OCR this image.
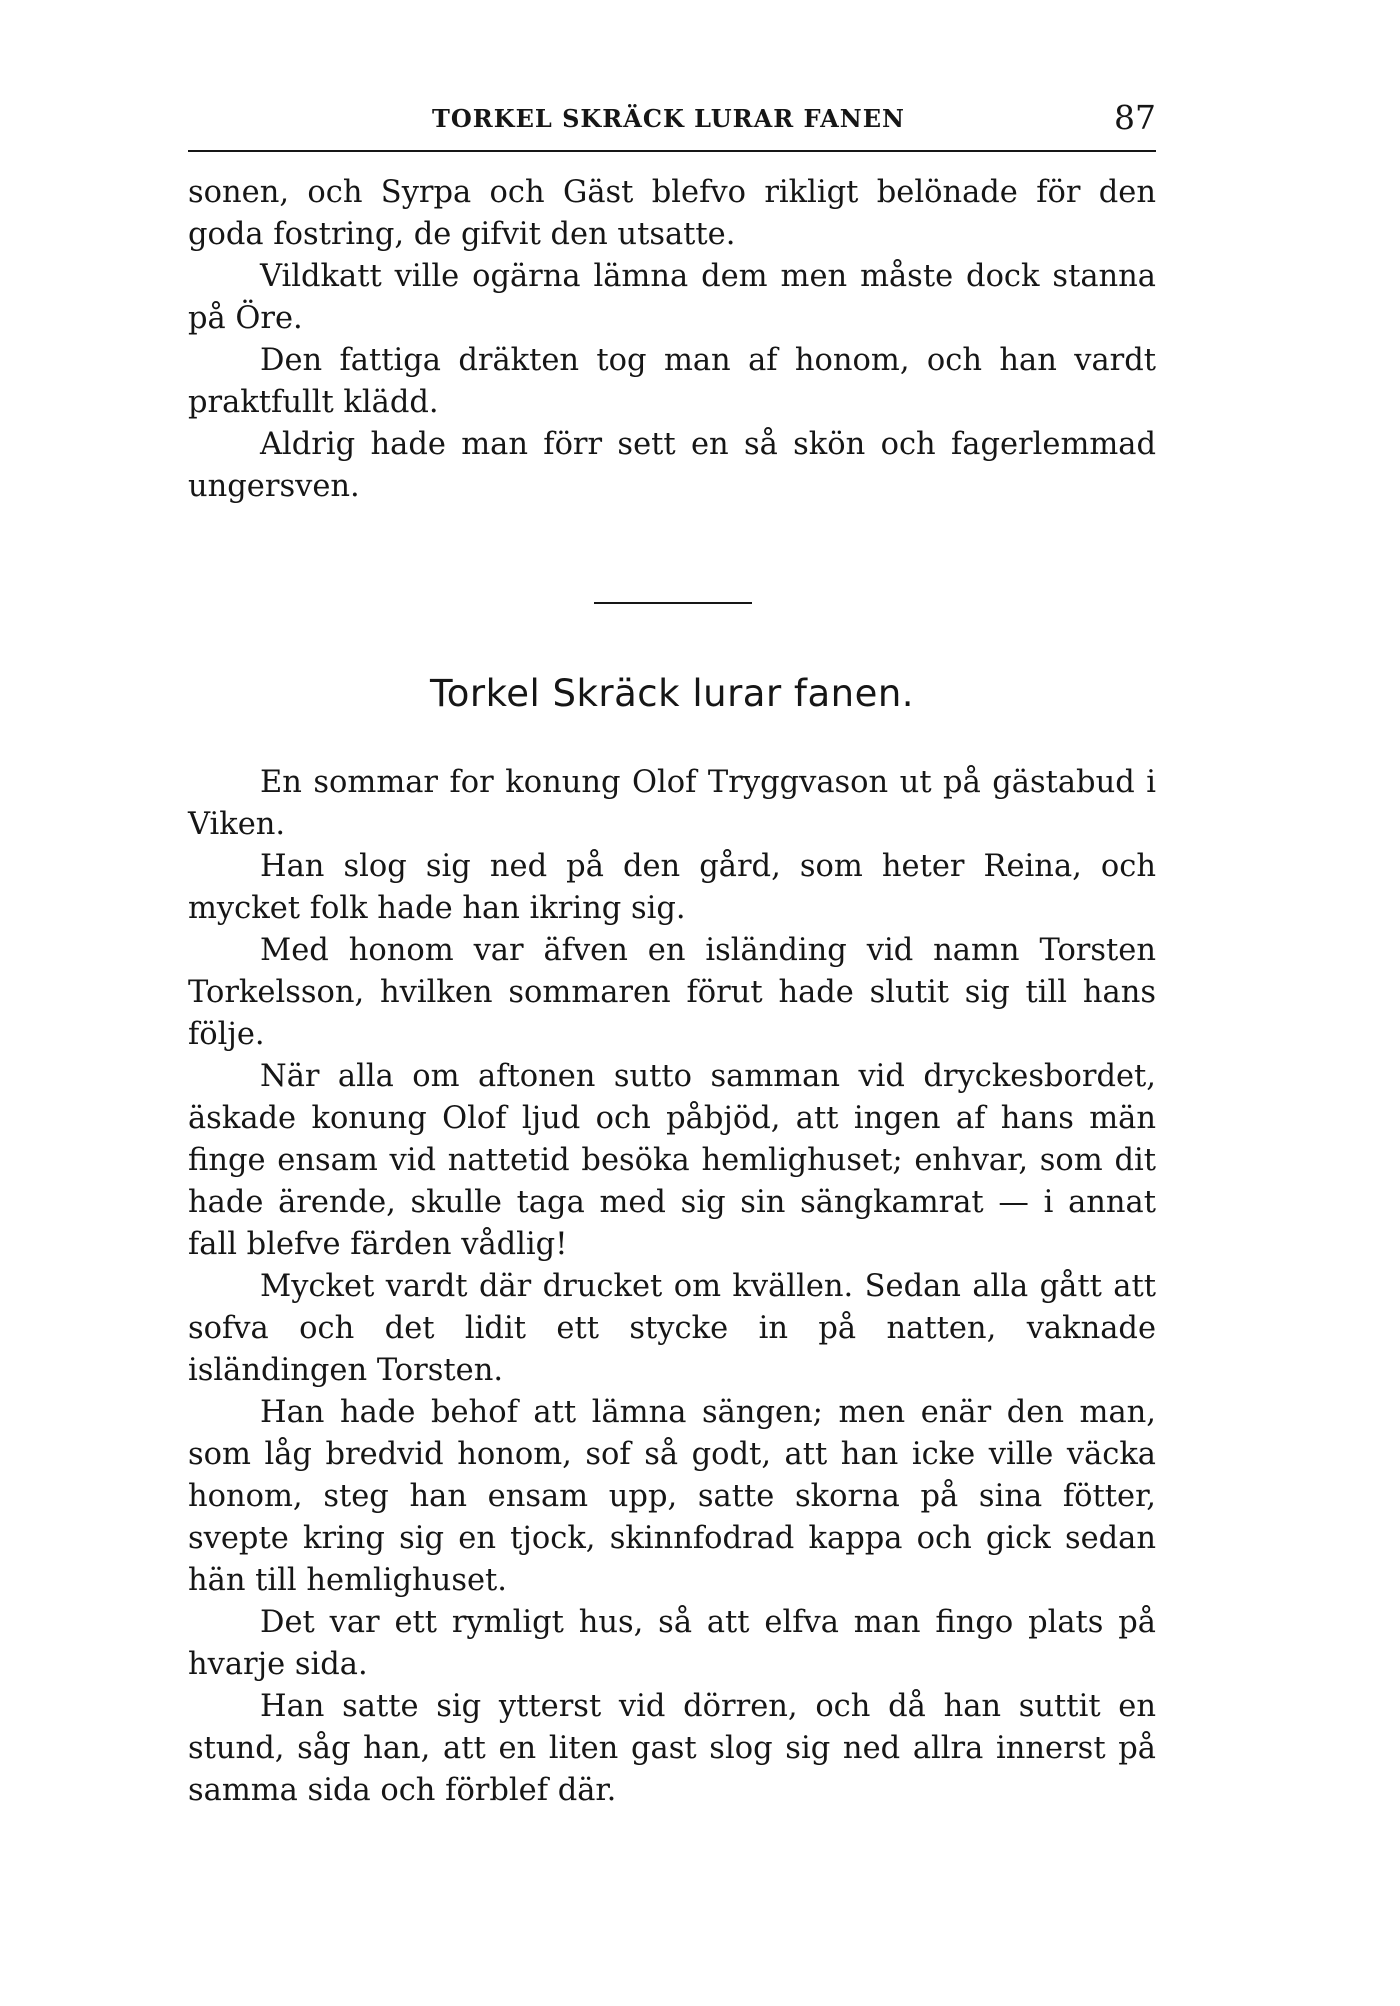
TORKEL SKRÄCK LURAR FANEN	87

sonen, och Syrpa och Gäst blefvo rikligt belönade för den goda fostring, de gifvit den utsatte.

Vildkatt ville ogärna lämna dem men måste dock stanna på Öre.

Den fattiga dräkten tog man af honom, och han vardt praktfullt klädd.

Aldrig hade man förr sett en så skön och fagerlemmad ungersven.

Torkel Skräck lurar fanen.

En sommar for konung Olof Tryggvason ut på gästabud i Viken.

Han slog sig ned på den gård, som heter Reina, och mycket folk hade han ikring sig.

Med honom var äfven en isländing vid namn Torsten Torkelsson, hvilken sommaren förut hade slutit sig till hans följe.

När alla om aftonen sutto samman vid dryckesbordet, äskade konung Olof ljud och påbjöd, att ingen af hans män finge ensam vid nattetid besöka hemlighuset; enhvar, som dit hade ärende, skulle taga med sig sin sängkamrat — i annat fall blefve färden vådlig!

Mycket vardt där drucket om kvällen. Sedan alla gått att sofva och det lidit ett stycke in på natten, vaknade isländingen Torsten.

Han hade behof att lämna sängen; men enär den man, som låg bredvid honom, sof så godt, att han icke ville väcka honom, steg han ensam upp, satte skorna på sina fötter, svepte kring sig en tjock, skinnfodrad kappa och gick sedan hän till hemlighuset.

Det var ett rymligt hus, så att elfva man fingo plats på hvarje sida.

Han satte sig ytterst vid dörren, och då han suttit en stund, såg han, att en liten gast slog sig ned allra innerst på samma sida och förblef där.
